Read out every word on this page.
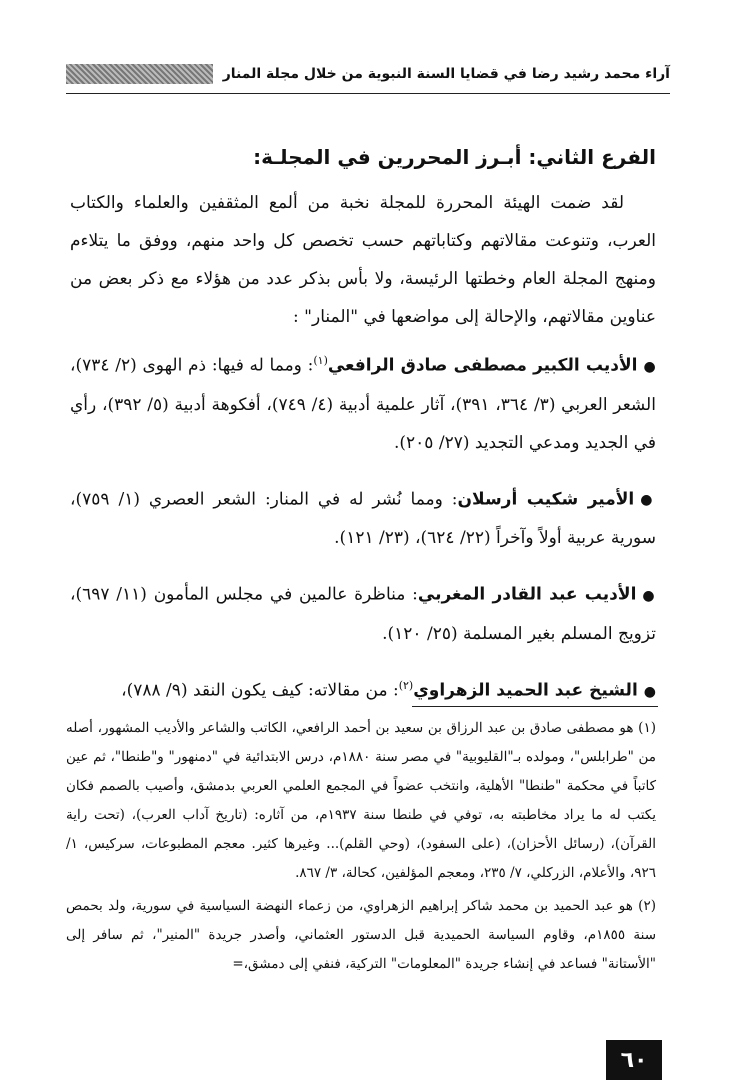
آراء محمد رشيد رضا في قضايا السنة النبوية من خلال مجلة المنار

الفرع الثاني: أبـرز المحررين في المجلـة:

لقد ضمت الهيئة المحررة للمجلة نخبة من ألمع المثقفين والعلماء والكتاب العرب، وتنوعت مقالاتهم وكتاباتهم حسب تخصص كل واحد منهم، ووفق ما يتلاءم ومنهج المجلة العام وخطتها الرئيسة، ولا بأس بذكر عدد من هؤلاء مع ذكر بعض من عناوين مقالاتهم، والإحالة إلى مواضعها في "المنار" :

●الأديب الكبير مصطفى صادق الرافعي$^{(١)}$: ومما له فيها: ذم الهوى (٢/ ٧٣٤)، الشعر العربي (٣/ ٣٦٤، ٣٩١)، آثار علمية أدبية (٤/ ٧٤٩)، أفكوهة أدبية (٥/ ٣٩٢)، رأي في الجديد ومدعي التجديد (٢٧/ ٢٠٥).

●الأمير شكيب أرسلان: ومما نُشر له في المنار: الشعر العصري (١/ ٧٥٩)، سورية عربية أولاً وآخراً (٢٢/ ٦٢٤)، (٢٣/ ١٢١).

●الأديب عبد القادر المغربي: مناظرة عالمين في مجلس المأمون (١١/ ٦٩٧)، تزويج المسلم بغير المسلمة (٢٥/ ١٢٠).

●الشيخ عبد الحميد الزهراوي$^{(٢)}$: من مقالاته: كيف يكون النقد (٩/ ٧٨٨)،

(١) هو مصطفى صادق بن عبد الرزاق بن سعيد بن أحمد الرافعي، الكاتب والشاعر والأديب المشهور، أصله من "طرابلس"، ومولده بـ"القليوبية" في مصر سنة ١٨٨٠م، درس الابتدائية في "دمنهور" و"طنطا"، ثم عين كاتباً في محكمة "طنطا" الأهلية، وانتخب عضواً في المجمع العلمي العربي بدمشق، وأصيب بالصمم فكان يكتب له ما يراد مخاطبته به، توفي في طنطا سنة ١٩٣٧م، من آثاره: (تاريخ آداب العرب)، (تحت راية القرآن)، (رسائل الأحزان)، (على السفود)، (وحي القلم)... وغيرها كثير. معجم المطبوعات، سركيس، ١/ ٩٢٦، والأعلام، الزركلي، ٧/ ٢٣٥، ومعجم المؤلفين، كحالة، ٣/ ٨٦٧.

(٢) هو عبد الحميد بن محمد شاكر إبراهيم الزهراوي، من زعماء النهضة السياسية في سورية، ولد بحمص سنة ١٨٥٥م، وقاوم السياسة الحميدية قبل الدستور العثماني، وأصدر جريدة "المنير"، ثم سافر إلى "الأستانة" فساعد في إنشاء جريدة "المعلومات" التركية، فنفي إلى دمشق،=

٦٠
